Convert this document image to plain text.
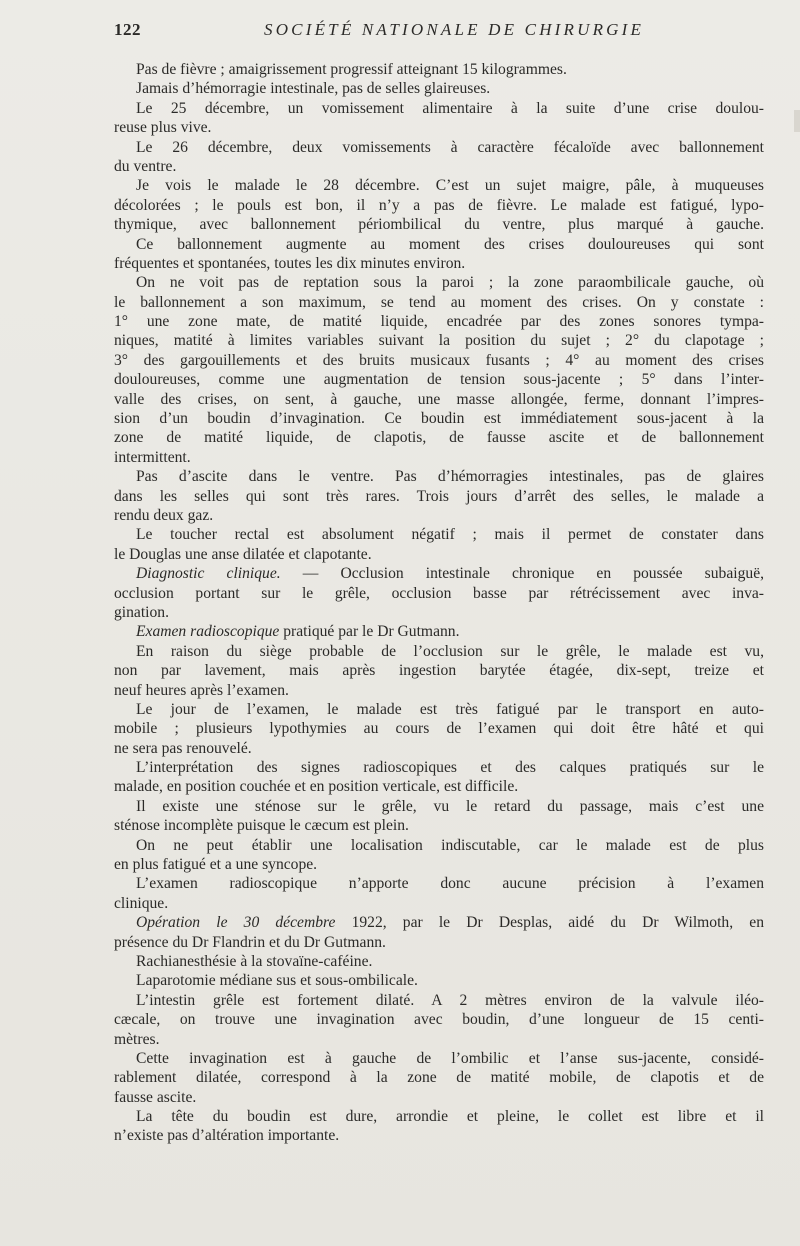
122	SOCIÉTÉ NATIONALE DE CHIRURGIE
Pas de fièvre ; amaigrissement progressif atteignant 15 kilogrammes.
Jamais d’hémorragie intestinale, pas de selles glaireuses.
Le 25 décembre, un vomissement alimentaire à la suite d’une crise doulou-
reuse plus vive.
Le 26 décembre, deux vomissements à caractère fécaloïde avec ballonnement
du ventre.
Je vois le malade le 28 décembre. C’est un sujet maigre, pâle, à muqueuses
décolorées ; le pouls est bon, il n’y a pas de fièvre. Le malade est fatigué, lypo-
thymique, avec ballonnement périombilical du ventre, plus marqué à gauche.
Ce ballonnement augmente au moment des crises douloureuses qui sont
fréquentes et spontanées, toutes les dix minutes environ.
On ne voit pas de reptation sous la paroi ; la zone paraombilicale gauche, où
le ballonnement a son maximum, se tend au moment des crises. On y constate :
1° une zone mate, de matité liquide, encadrée par des zones sonores tympa-
niques, matité à limites variables suivant la position du sujet ; 2° du clapotage ;
3° des gargouillements et des bruits musicaux fusants ; 4° au moment des crises
douloureuses, comme une augmentation de tension sous-jacente ; 5° dans l’inter-
valle des crises, on sent, à gauche, une masse allongée, ferme, donnant l’impres-
sion d’un boudin d’invagination. Ce boudin est immédiatement sous-jacent à la
zone de matité liquide, de clapotis, de fausse ascite et de ballonnement
intermittent.
Pas d’ascite dans le ventre. Pas d’hémorragies intestinales, pas de glaires
dans les selles qui sont très rares. Trois jours d’arrêt des selles, le malade a
rendu deux gaz.
Le toucher rectal est absolument négatif ; mais il permet de constater dans
le Douglas une anse dilatée et clapotante.
Diagnostic clinique. — Occlusion intestinale chronique en poussée subaiguë,
occlusion portant sur le grêle, occlusion basse par rétrécissement avec inva-
gination.
Examen radioscopique pratiqué par le Dr Gutmann.
En raison du siège probable de l’occlusion sur le grêle, le malade est vu,
non par lavement, mais après ingestion barytée étagée, dix-sept, treize et
neuf heures après l’examen.
Le jour de l’examen, le malade est très fatigué par le transport en auto-
mobile ; plusieurs lypothymies au cours de l’examen qui doit être hâté et qui
ne sera pas renouvelé.
L’interprétation des signes radioscopiques et des calques pratiqués sur le
malade, en position couchée et en position verticale, est difficile.
Il existe une sténose sur le grêle, vu le retard du passage, mais c’est une
sténose incomplète puisque le cæcum est plein.
On ne peut établir une localisation indiscutable, car le malade est de plus
en plus fatigué et a une syncope.
L’examen radioscopique n’apporte donc aucune précision à l’examen
clinique.
Opération le 30 décembre 1922, par le Dr Desplas, aidé du Dr Wilmoth, en
présence du Dr Flandrin et du Dr Gutmann.
Rachianesthésie à la stovaïne-caféine.
Laparotomie médiane sus et sous-ombilicale.
L’intestin grêle est fortement dilaté. A 2 mètres environ de la valvule iléo-
cæcale, on trouve une invagination avec boudin, d’une longueur de 15 centi-
mètres.
Cette invagination est à gauche de l’ombilic et l’anse sus-jacente, considé-
rablement dilatée, correspond à la zone de matité mobile, de clapotis et de
fausse ascite.
La tête du boudin est dure, arrondie et pleine, le collet est libre et il
n’existe pas d’altération importante.
